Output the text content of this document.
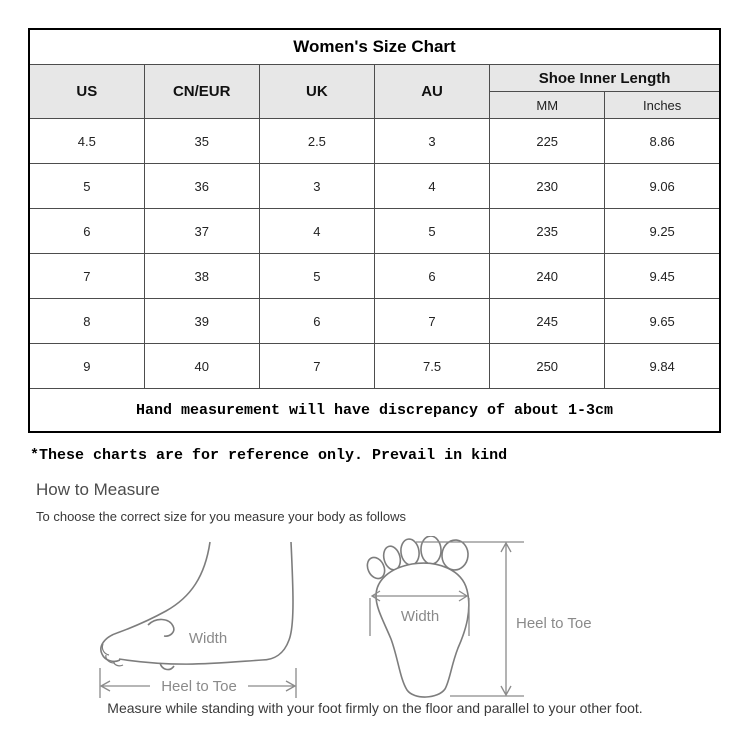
Women's Size Chart					
US	CN/EUR	UK	AU	Shoe Inner Length	
				MM	Inches
4.5	35	2.5	3	225	8.86
5	36	3	4	230	9.06
6	37	4	5	235	9.25
7	38	5	6	240	9.45
8	39	6	7	245	9.65
9	40	7	7.5	250	9.84
Hand measurement will have discrepancy of about 1-3cm					
*These charts are for reference only. Prevail in kind
How to Measure
To choose the correct size for you measure your body as follows
Heel to Toe
Width
Width	Heel to Toe
Measure while standing with your foot firmly on the floor and parallel to your other foot.
